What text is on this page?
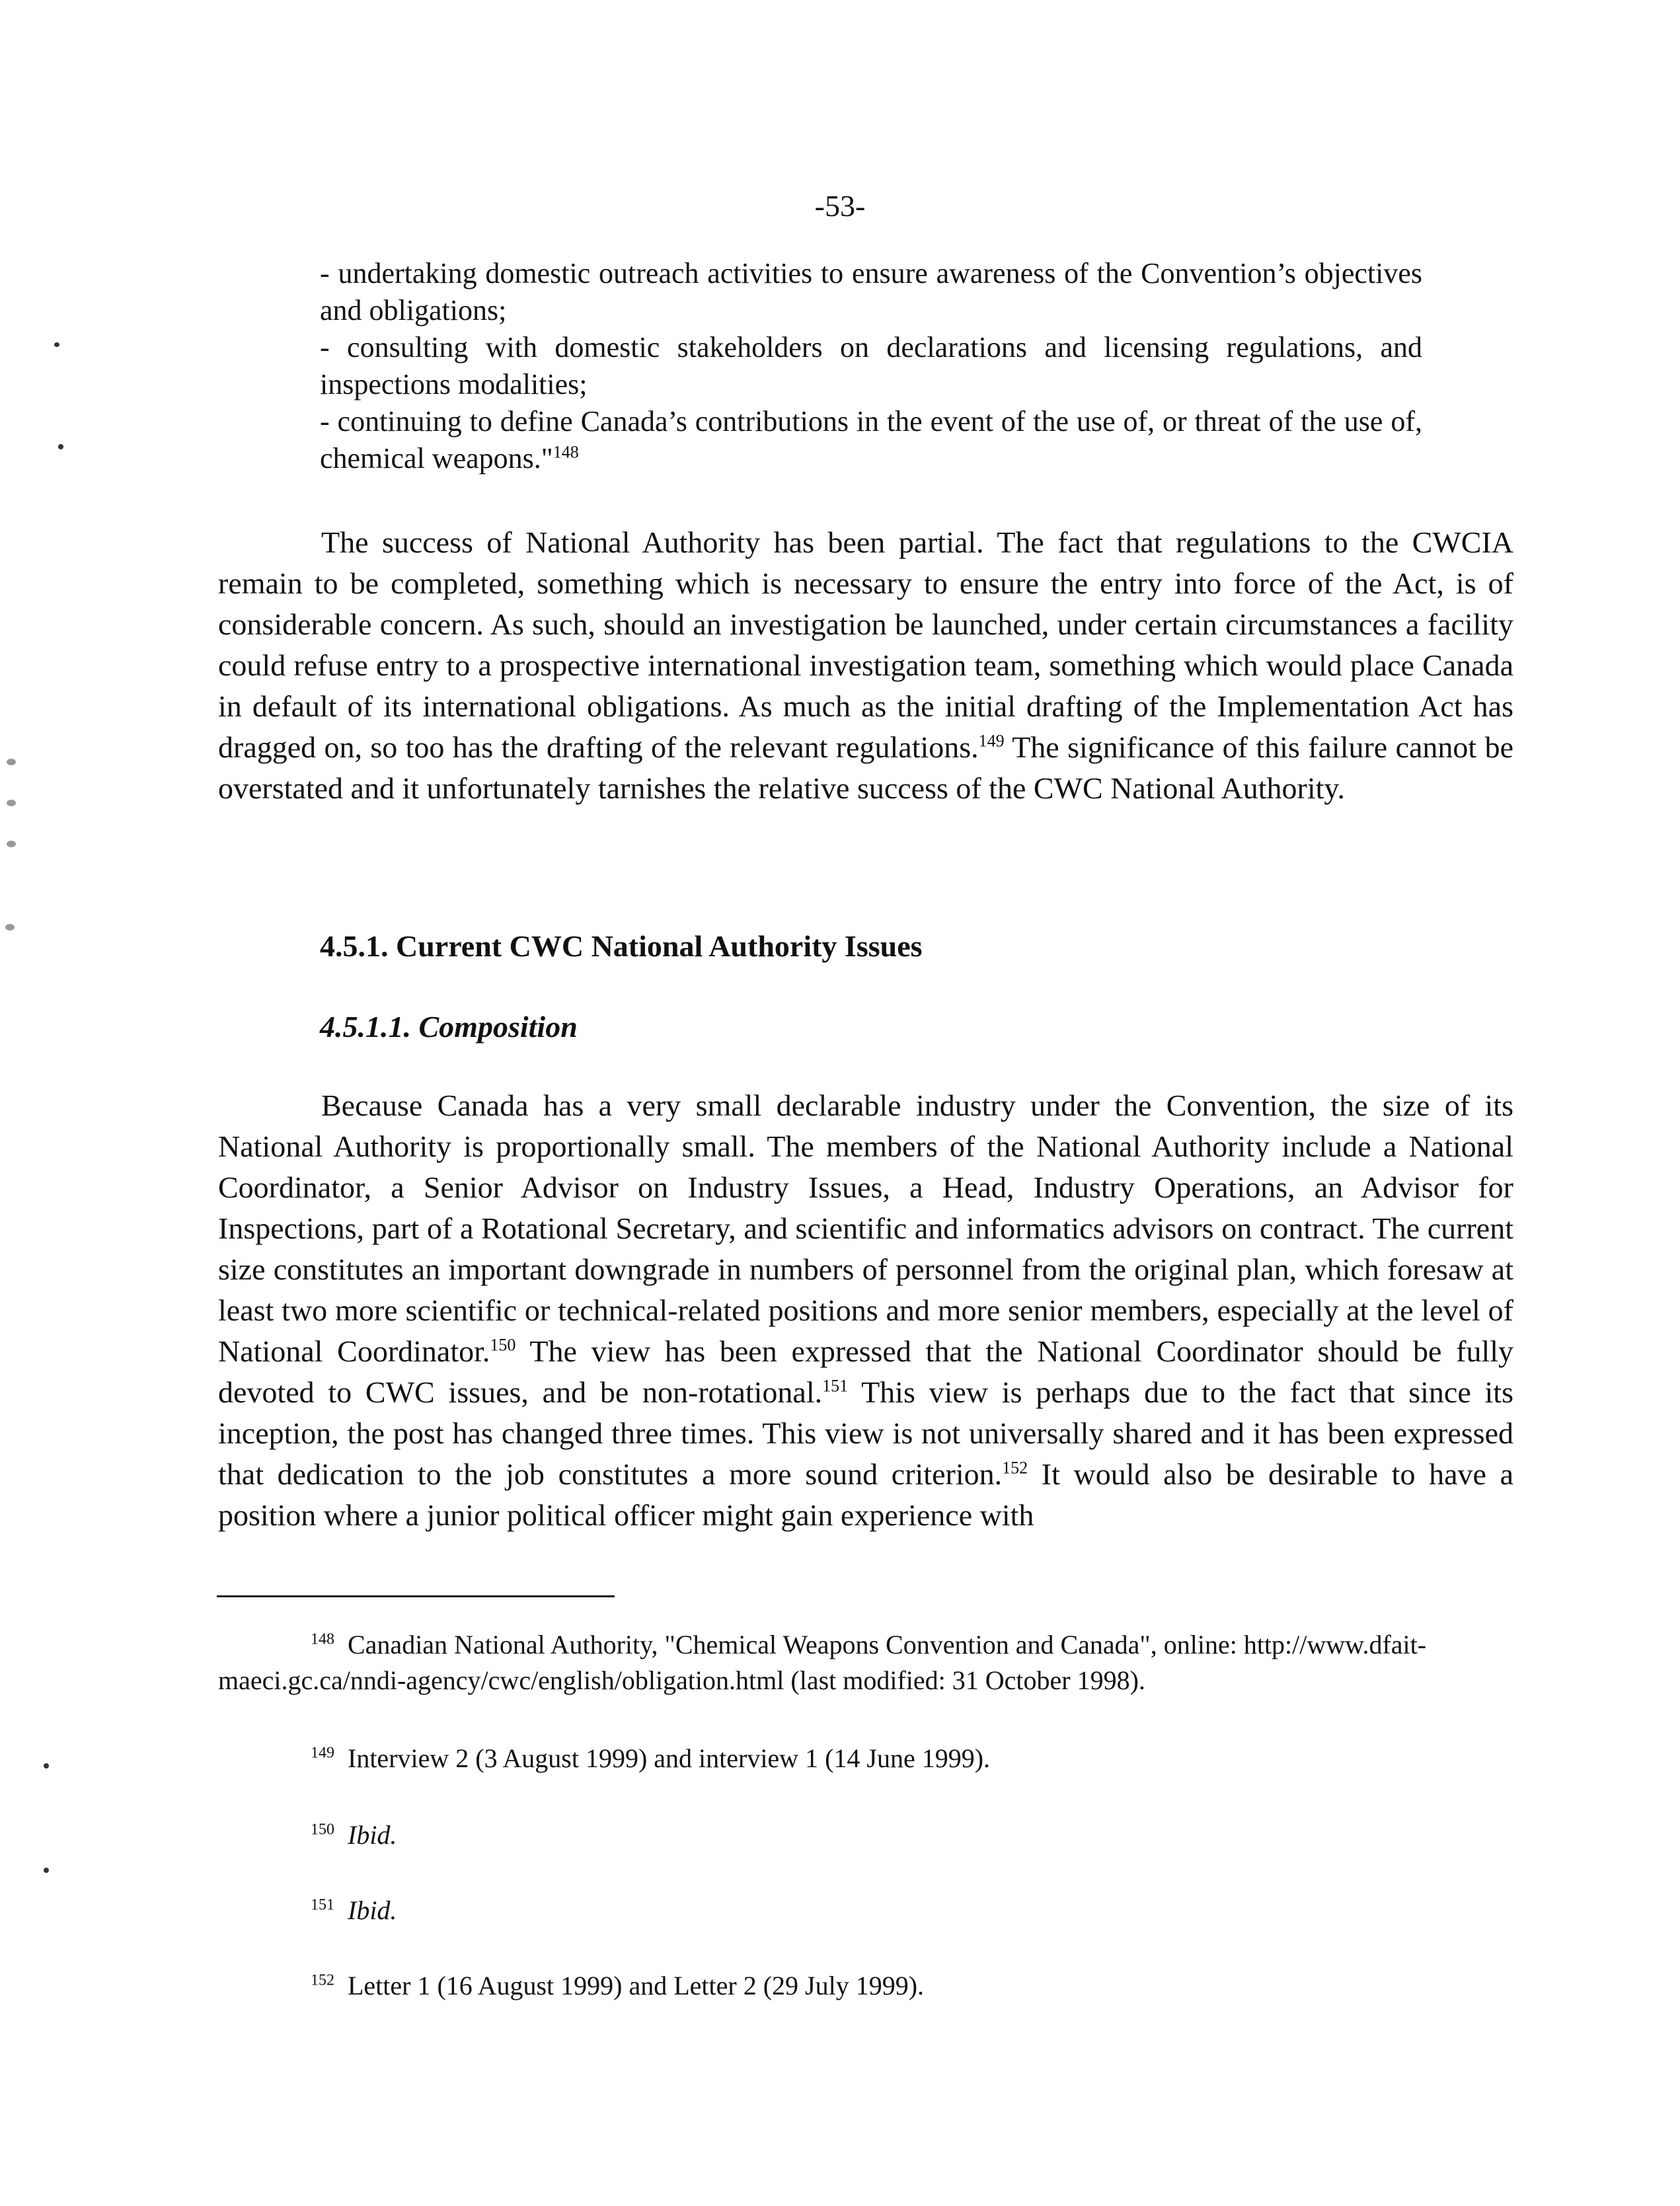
-53-

- undertaking domestic outreach activities to ensure awareness of the Convention’s objectives and obligations;

- consulting with domestic stakeholders on declarations and licensing regulations, and inspections modalities;

- continuing to define Canada’s contributions in the event of the use of, or threat of the use of, chemical weapons."$^{148}$

The success of National Authority has been partial. The fact that regulations to the CWCIA remain to be completed, something which is necessary to ensure the entry into force of the Act, is of considerable concern. As such, should an investigation be launched, under certain circumstances a facility could refuse entry to a prospective international investigation team, something which would place Canada in default of its international obligations. As much as the initial drafting of the Implementation Act has dragged on, so too has the drafting of the relevant regulations.$^{149}$ The significance of this failure cannot be overstated and it unfortunately tarnishes the relative success of the CWC National Authority.

4.5.1. Current CWC National Authority Issues
4.5.1.1. Composition

Because Canada has a very small declarable industry under the Convention, the size of its National Authority is proportionally small. The members of the National Authority include a National Coordinator, a Senior Advisor on Industry Issues, a Head, Industry Operations, an Advisor for Inspections, part of a Rotational Secretary, and scientific and informatics advisors on contract. The current size constitutes an important downgrade in numbers of personnel from the original plan, which foresaw at least two more scientific or technical-related positions and more senior members, especially at the level of National Coordinator.$^{150}$ The view has been expressed that the National Coordinator should be fully devoted to CWC issues, and be non-rotational.$^{151}$ This view is perhaps due to the fact that since its inception, the post has changed three times. This view is not universally shared and it has been expressed that dedication to the job constitutes a more sound criterion.$^{152}$ It would also be desirable to have a position where a junior political officer might gain experience with

$^{148}$ Canadian National Authority, "Chemical Weapons Convention and Canada", online: http://www.dfait-maeci.gc.ca/nndi-agency/cwc/english/obligation.html (last modified: 31 October 1998).

$^{149}$ Interview 2 (3 August 1999) and interview 1 (14 June 1999).

$^{150}$ Ibid.

$^{151}$ Ibid.

$^{152}$ Letter 1 (16 August 1999) and Letter 2 (29 July 1999).
